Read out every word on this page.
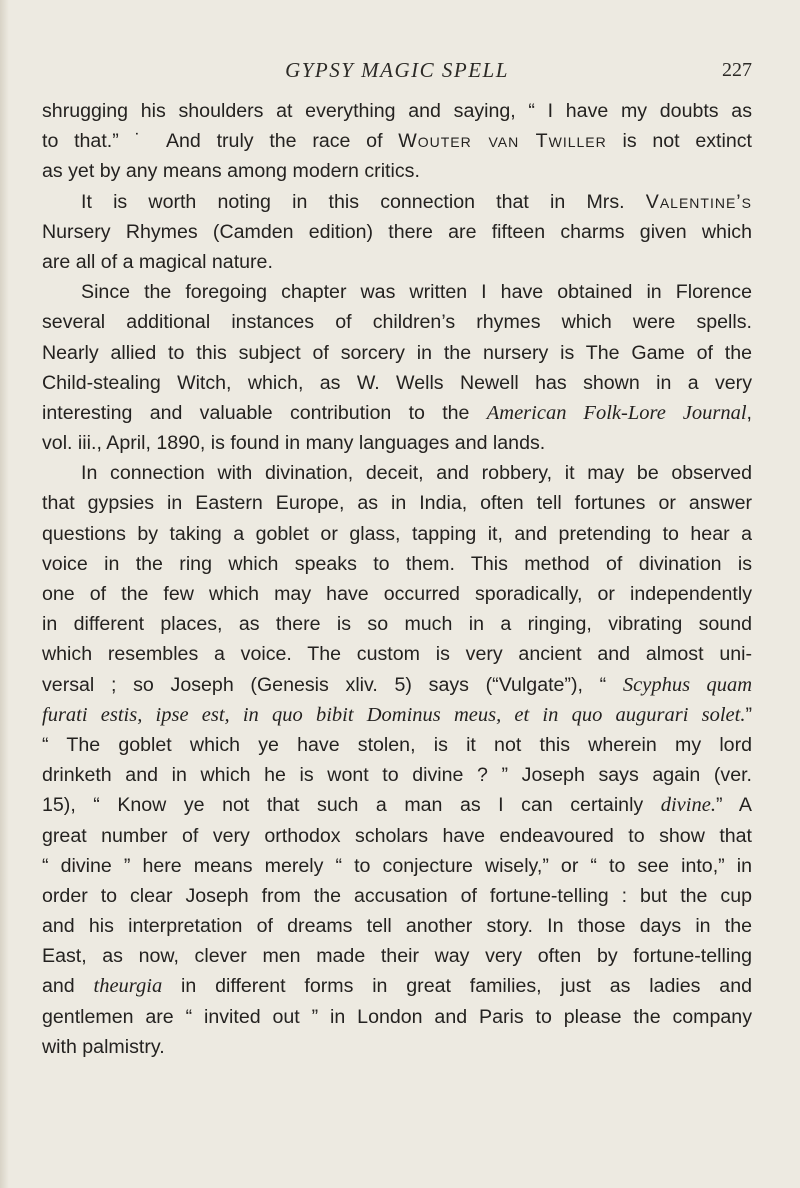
GYPSY MAGIC SPELL	227
shrugging his shoulders at everything and saying, “ I have my doubts as
to that.” ˙ And truly the race of Wouter van Twiller is not extinct
as yet by any means among modern critics.
It is worth noting in this connection that in Mrs. Valentine’s
Nursery Rhymes (Camden edition) there are fifteen charms given which
are all of a magical nature.
Since the foregoing chapter was written I have obtained in Florence
several additional instances of children’s rhymes which were spells.
Nearly allied to this subject of sorcery in the nursery is The Game of the
Child-stealing Witch, which, as W. Wells Newell has shown in a very
interesting and valuable contribution to the American Folk-Lore Journal,
vol. iii., April, 1890, is found in many languages and lands.
In connection with divination, deceit, and robbery, it may be observed
that gypsies in Eastern Europe, as in India, often tell fortunes or answer
questions by taking a goblet or glass, tapping it, and pretending to hear a
voice in the ring which speaks to them. This method of divination is
one of the few which may have occurred sporadically, or independently
in different places, as there is so much in a ringing, vibrating sound
which resembles a voice. The custom is very ancient and almost uni-
versal ; so Joseph (Genesis xliv. 5) says (“Vulgate”), “ Scyphus quam
furati estis, ipse est, in quo bibit Dominus meus, et in quo augurari solet.”
“ The goblet which ye have stolen, is it not this wherein my lord
drinketh and in which he is wont to divine ? ” Joseph says again (ver.
15), “ Know ye not that such a man as I can certainly divine.” A
great number of very orthodox scholars have endeavoured to show that
“ divine ” here means merely “ to conjecture wisely,” or “ to see into,” in
order to clear Joseph from the accusation of fortune-telling : but the cup
and his interpretation of dreams tell another story. In those days in the
East, as now, clever men made their way very often by fortune-telling
and theurgia in different forms in great families, just as ladies and
gentlemen are “ invited out ” in London and Paris to please the company
with palmistry.
